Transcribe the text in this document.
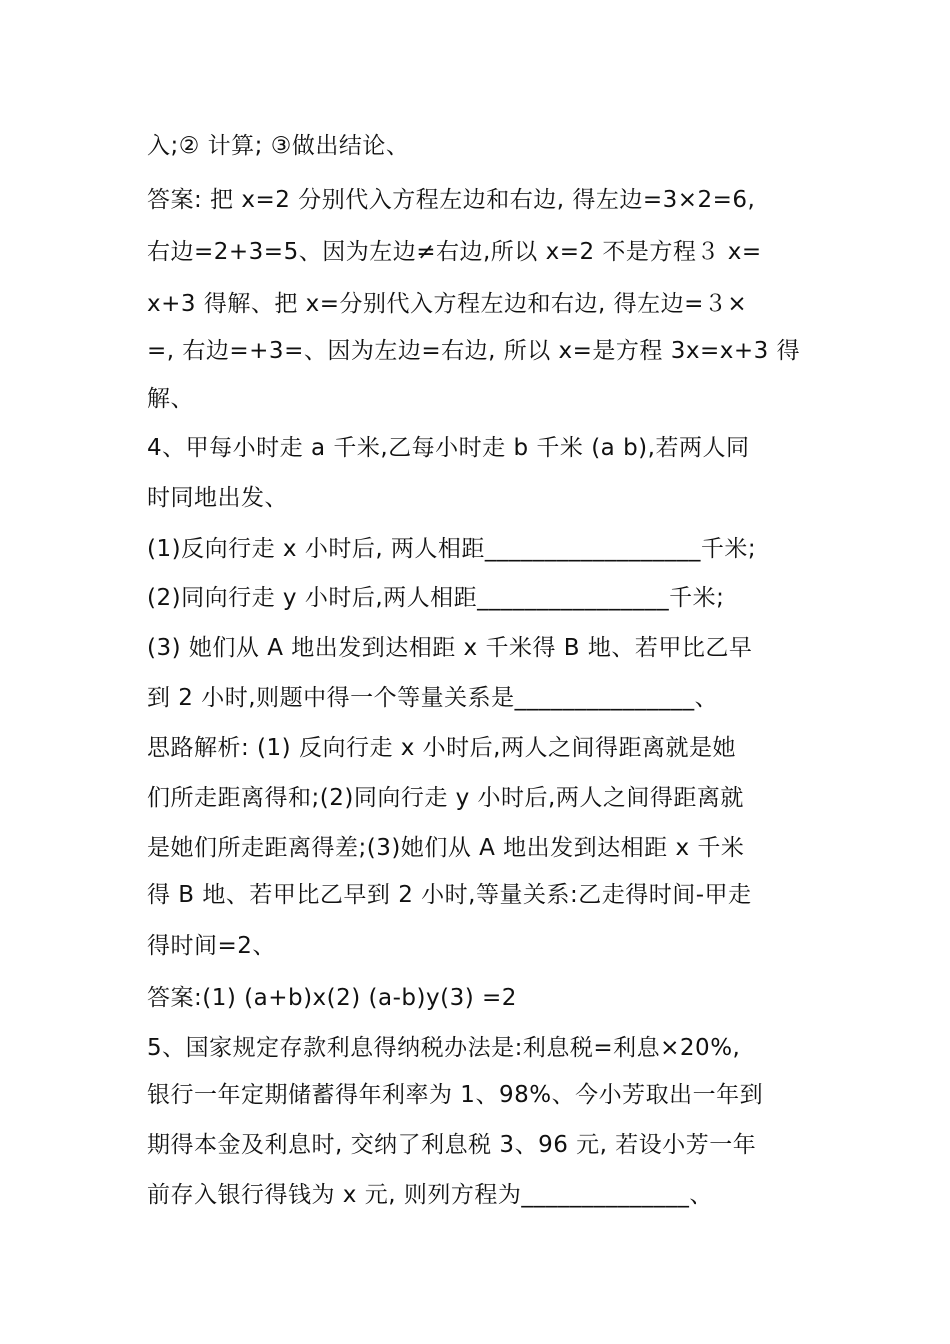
入;② 计算; ③做出结论、
答案: 把 x=2 分别代入方程左边和右边, 得左边=3×2=6,
右边=2+3=5、因为左边≠右边,所以 x=2 不是方程３ x=
x+3 得解、把 x=分别代入方程左边和右边, 得左边=３×
=, 右边=+3=、因为左边=右边, 所以 x=是方程 3x=x+3 得
解、
4、甲每小时走 a 千米,乙每小时走 b 千米 (a b),若两人同
时同地出发、
(1)反向行走 x 小时后, 两人相距__________________千米;
(2)同向行走 y 小时后,两人相距________________千米;
(3) 她们从 A 地出发到达相距 x 千米得 B 地、若甲比乙早
到 2 小时,则题中得一个等量关系是_______________、
思路解析: (1) 反向行走 x 小时后,两人之间得距离就是她
们所走距离得和;(2)同向行走 y 小时后,两人之间得距离就
是她们所走距离得差;(3)她们从 A 地出发到达相距 x 千米
得 B 地、若甲比乙早到 2 小时,等量关系:乙走得时间-甲走
得时间=2、
答案:(1) (a+b)x(2) (a-b)y(3) =2
5、国家规定存款利息得纳税办法是:利息税=利息×20%,
银行一年定期储蓄得年利率为 1、98%、今小芳取出一年到
期得本金及利息时, 交纳了利息税 3、96 元, 若设小芳一年
前存入银行得钱为 x 元, 则列方程为______________、
